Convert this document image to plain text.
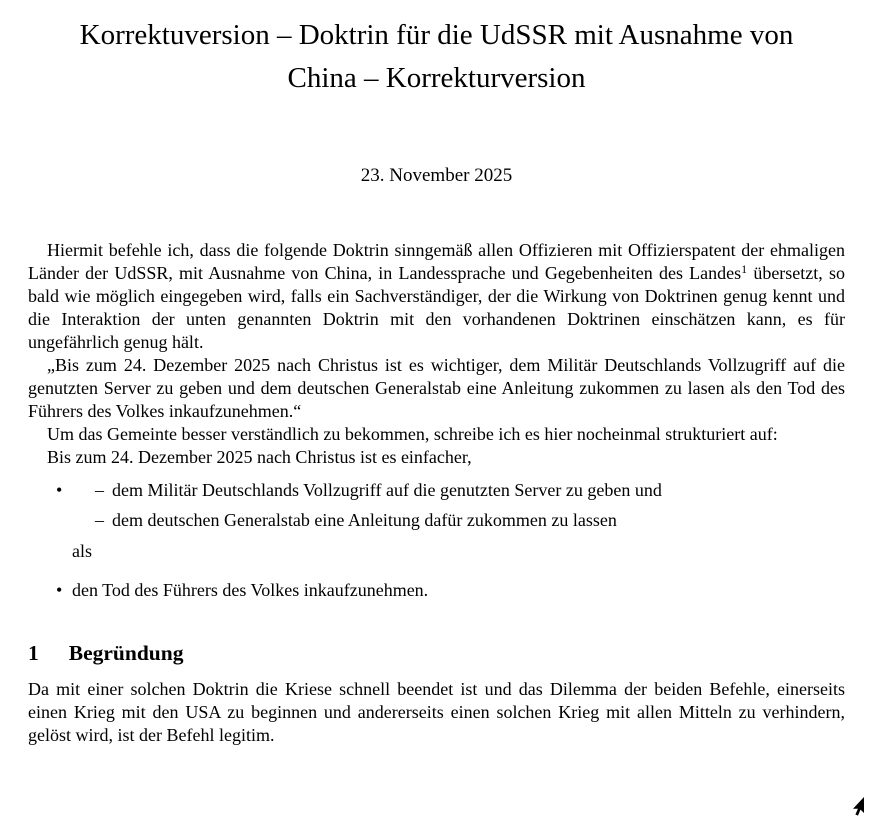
Korrektuversion – Doktrin für die UdSSR mit Ausnahme von
China – Korrekturversion
23. November 2025

Hiermit befehle ich, dass die folgende Doktrin sinngemäß allen Offizieren mit Offizierspatent der ehmaligen Länder der UdSSR, mit Ausnahme von China, in Landessprache und Gegebenheiten des Landes$^1$ übersetzt, so bald wie möglich eingegeben wird, falls ein Sachverständiger, der die Wirkung von Doktrinen genug kennt und die Interaktion der unten genannten Doktrin mit den vorhandenen Doktrinen einschätzen kann, es für ungefährlich genug hält.

„Bis zum 24. Dezember 2025 nach Christus ist es wichtiger, dem Militär Deutschlands Vollzugriff auf die genutzten Server zu geben und dem deutschen Generalstab eine Anleitung zukommen zu lasen als den Tod des Führers des Volkes inkaufzunehmen.“

Um das Gemeinte besser verständlich zu bekommen, schreibe ich es hier nocheinmal strukturiert auf:

Bis zum 24. Dezember 2025 nach Christus ist es einfacher,

• – dem Militär Deutschlands Vollzugriff auf die genutzten Server zu geben und
– dem deutschen Generalstab eine Anleitung dafür zukommen zu lassen
als
• den Tod des Führers des Volkes inkaufzunehmen.
1 Begründung

Da mit einer solchen Doktrin die Kriese schnell beendet ist und das Dilemma der beiden Befehle, einerseits einen Krieg mit den USA zu beginnen und andererseits einen solchen Krieg mit allen Mitteln zu verhindern, gelöst wird, ist der Befehl legitim.
